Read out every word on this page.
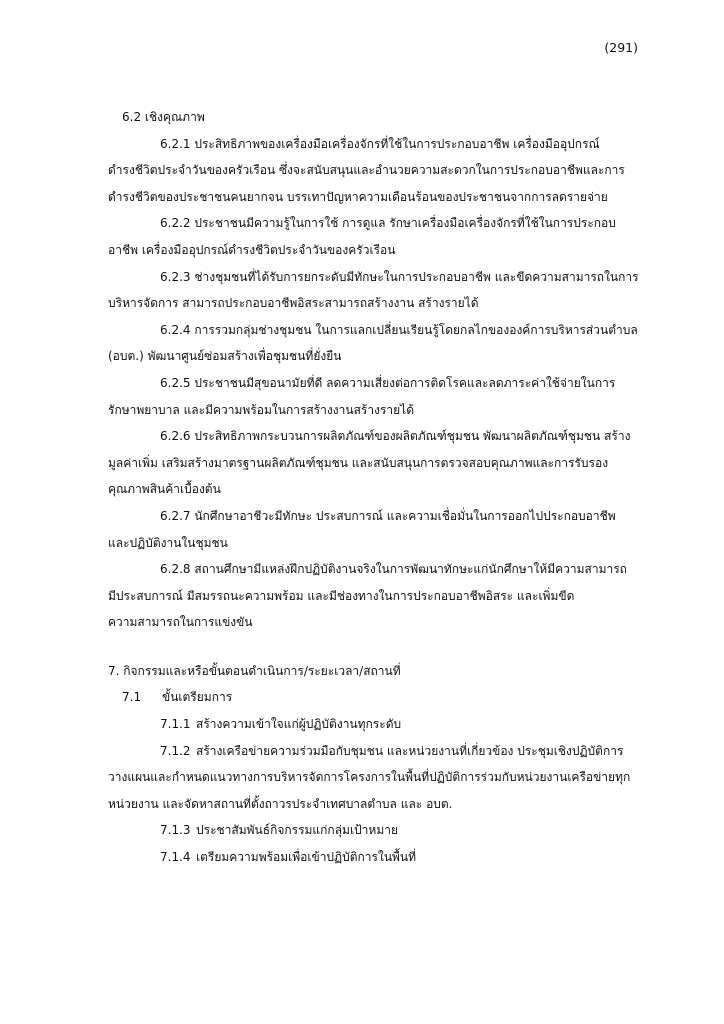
(291)
6.2 เชิงคุณภาพ
6.2.1 ประสิทธิภาพของเครื่องมือเครื่องจักรที่ใช้ในการประกอบอาชีพ เครื่องมืออุปกรณ์
ดำรงชีวิตประจำวันของครัวเรือน ซึ่งจะสนับสนุนและอำนวยความสะดวกในการประกอบอาชีพและการ
ดำรงชีวิตของประชาชนคนยากจน บรรเทาปัญหาความเดือนร้อนของประชาชนจากการลดรายจ่าย
6.2.2 ประชาชนมีความรู้ในการใช้ การดูแล รักษาเครื่องมือเครื่องจักรที่ใช้ในการประกอบ
อาชีพ เครื่องมืออุปกรณ์ดำรงชีวิตประจำวันของครัวเรือน
6.2.3 ช่างชุมชนที่ได้รับการยกระดับมีทักษะในการประกอบอาชีพ และขีดความสามารถในการ
บริหารจัดการ สามารถประกอบอาชีพอิสระสามารถสร้างงาน สร้างรายได้
6.2.4 การรวมกลุ่มช่างชุมชน ในการแลกเปลี่ยนเรียนรู้โดยกลไกขององค์การบริหารส่วนตำบล
(อบต.) พัฒนาศูนย์ซ่อมสร้างเพื่อชุมชนที่ยั่งยืน
6.2.5 ประชาชนมีสุขอนามัยที่ดี ลดความเสี่ยงต่อการติดโรคและลดภาระค่าใช้จ่ายในการ
รักษาพยาบาล และมีความพร้อมในการสร้างงานสร้างรายได้
6.2.6 ประสิทธิภาพกระบวนการผลิตภัณฑ์ของผลิตภัณฑ์ชุมชน พัฒนาผลิตภัณฑ์ชุมชน สร้าง
มูลค่าเพิ่ม เสริมสร้างมาตรฐานผลิตภัณฑ์ชุมชน และสนับสนุนการตรวจสอบคุณภาพและการรับรอง
คุณภาพสินค้าเบื้องต้น
6.2.7 นักศึกษาอาชีวะมีทักษะ ประสบการณ์ และความเชื่อมั่นในการออกไปประกอบอาชีพ
และปฏิบัติงานในชุมชน
6.2.8 สถานศึกษามีแหล่งฝึกปฏิบัติงานจริงในการพัฒนาทักษะแก่นักศึกษาให้มีความสามารถ
มีประสบการณ์ มีสมรรถนะความพร้อม และมีช่องทางในการประกอบอาชีพอิสระ และเพิ่มขีด
ความสามารถในการแข่งขัน
7. กิจกรรมและหรือขั้นตอนดำเนินการ/ระยะเวลา/สถานที่
7.1 ขั้นเตรียมการ
7.1.1 สร้างความเข้าใจแก่ผู้ปฏิบัติงานทุกระดับ
7.1.2 สร้างเครือข่ายความร่วมมือกับชุมชน และหน่วยงานที่เกี่ยวข้อง ประชุมเชิงปฏิบัติการ
วางแผนและกำหนดแนวทางการบริหารจัดการโครงการในพื้นที่ปฏิบัติการร่วมกับหน่วยงานเครือข่ายทุก
หน่วยงาน และจัดหาสถานที่ตั้งถาวรประจำเทศบาลตำบล และ อบต.
7.1.3 ประชาสัมพันธ์กิจกรรมแก่กลุ่มเป้าหมาย
7.1.4 เตรียมความพร้อมเพื่อเข้าปฏิบัติการในพื้นที่
